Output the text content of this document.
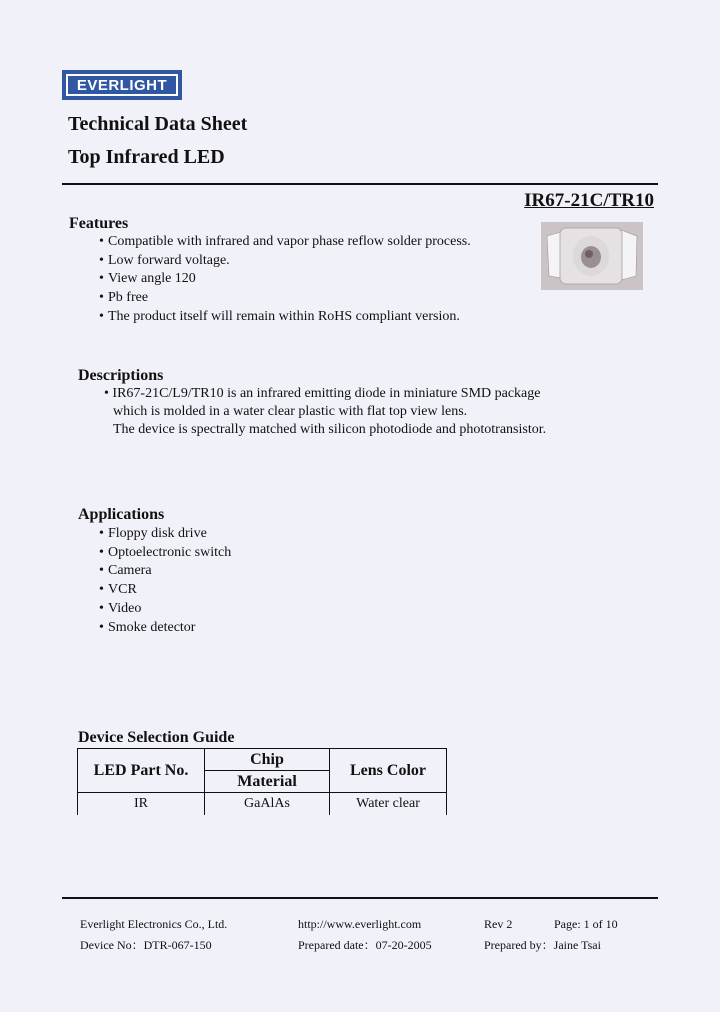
EVERLIGHT
Technical Data Sheet
Top Infrared LED
IR67-21C/TR10
Features
• Compatible with infrared and vapor phase reflow solder process.
• Low forward voltage.
• View angle 120
• Pb free
• The product itself will remain within RoHS compliant version.
Descriptions
• IR67-21C/L9/TR10 is an infrared emitting diode in miniature SMD package
which is molded in a water clear plastic with flat top view lens.
The device is spectrally matched with silicon photodiode and phototransistor.
Applications
• Floppy disk drive
• Optoelectronic switch
• Camera
• VCR
• Video
• Smoke detector
Device Selection Guide
LED Part No.	Chip	Lens Color
	Material	
IR	GaAlAs	Water clear
Everlight Electronics Co., Ltd.	http://www.everlight.com	Rev 2	Page: 1 of 10
Device No：DTR-067-150	Prepared date：07-20-2005	Prepared by：Jaine Tsai
